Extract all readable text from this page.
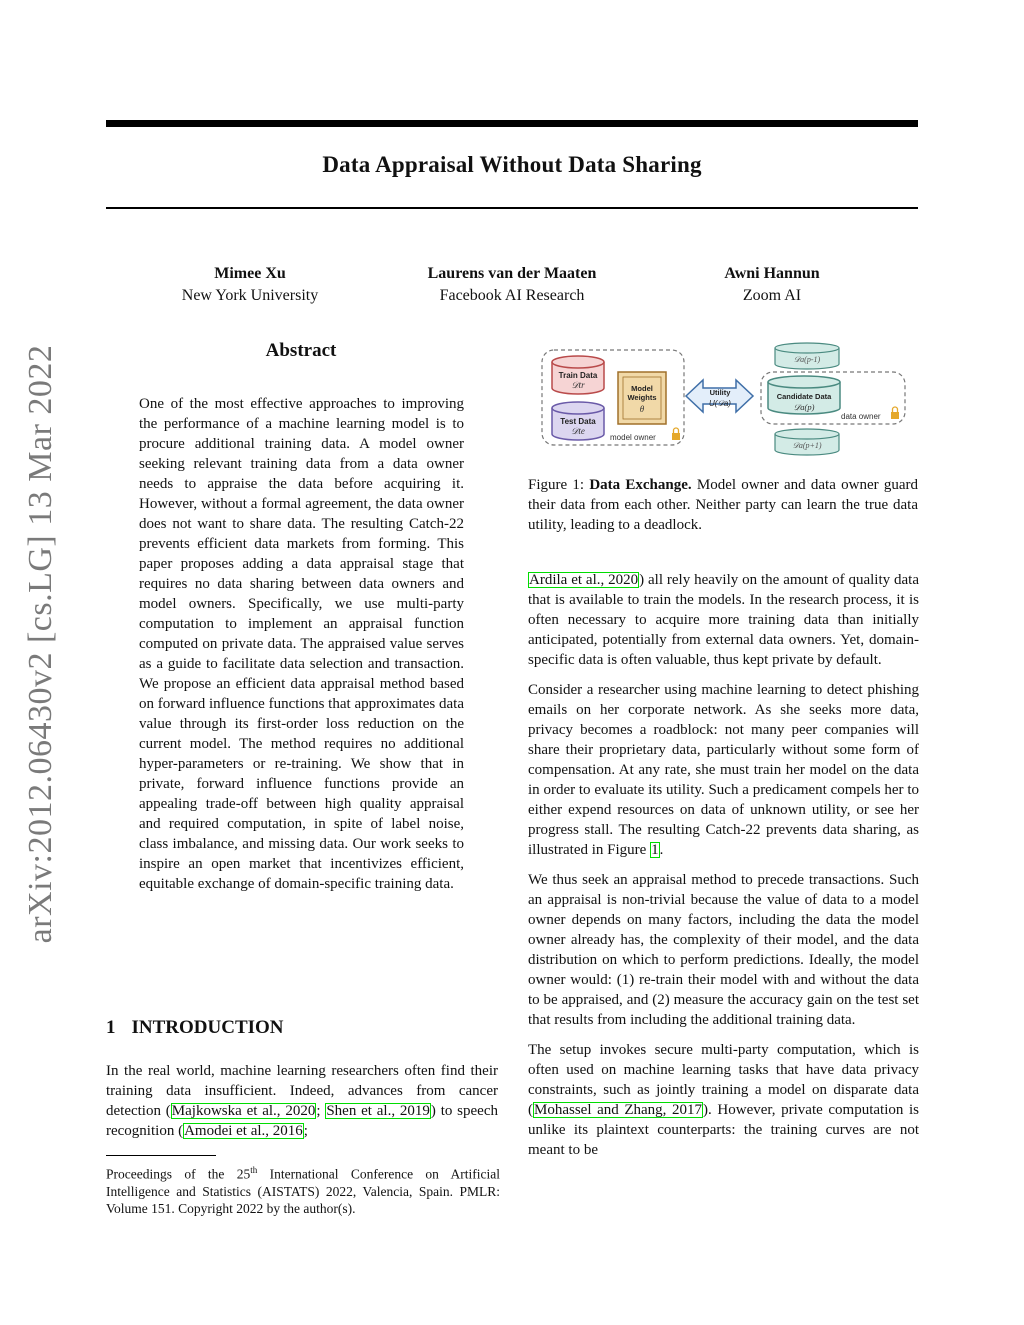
Data Appraisal Without Data Sharing
Mimee Xu
New York University
Laurens van der Maaten
Facebook AI Research
Awni Hannun
Zoom AI
arXiv:2012.06430v2 [cs.LG] 13 Mar 2022	Abstract
One of the most effective approaches to improving the performance of a machine learning model is to procure additional training data. A model owner seeking relevant training data from a data owner needs to appraise the data before acquiring it. However, without a formal agreement, the data owner does not want to share data. The resulting Catch-22 prevents efficient data markets from forming. This paper proposes adding a data appraisal stage that requires no data sharing between data owners and model owners. Specifically, we use multi-party computation to implement an appraisal function computed on private data. The appraised value serves as a guide to facilitate data selection and transaction. We propose an efficient data appraisal method based on forward influence functions that approximates data value through its first-order loss reduction on the current model. The method requires no additional hyper-parameters or re-training. We show that in private, forward influence functions provide an appealing trade-off between high quality appraisal and required computation, in spite of label noise, class imbalance, and missing data. Our work seeks to inspire an open market that incentivizes efficient, equitable exchange of domain-specific training data.
1 INTRODUCTION

In the real world, machine learning researchers often find their training data insufficient. Indeed, advances from cancer detection (Majkowska et al., 2020; Shen et al., 2019) to speech recognition (Amodei et al., 2016;

Proceedings of the 25th International Conference on Artificial Intelligence and Statistics (AISTATS) 2022, Valencia, Spain. PMLR: Volume 151. Copyright 2022 by the author(s).
Train Data
𝒟tr
Test Data
𝒟te
Model
Weights
θ
model owner
Utility
U(𝒟a)
𝒟a(p-1)
Candidate Data
𝒟a(p)
data owner
𝒟a(p+1)
Figure 1: Data Exchange. Model owner and data owner guard their data from each other. Neither party can learn the true data utility, leading to a deadlock.

Ardila et al., 2020) all rely heavily on the amount of quality data that is available to train the models. In the research process, it is often necessary to acquire more training data than initially anticipated, potentially from external data owners. Yet, domain-specific data is often valuable, thus kept private by default.

Consider a researcher using machine learning to detect phishing emails on her corporate network. As she seeks more data, privacy becomes a roadblock: not many peer companies will share their proprietary data, particularly without some form of compensation. At any rate, she must train her model on the data in order to evaluate its utility. Such a predicament compels her to either expend resources on data of unknown utility, or see her progress stall. The resulting Catch-22 prevents data sharing, as illustrated in Figure 1.

We thus seek an appraisal method to precede transactions. Such an appraisal is non-trivial because the value of data to a model owner depends on many factors, including the data the model owner already has, the complexity of their model, and the data distribution on which to perform predictions. Ideally, the model owner would: (1) re-train their model with and without the data to be appraised, and (2) measure the accuracy gain on the test set that results from including the additional training data.

The setup invokes secure multi-party computation, which is often used on machine learning tasks that have data privacy constraints, such as jointly training a model on disparate data (Mohassel and Zhang, 2017). However, private computation is unlike its plaintext counterparts: the training curves are not meant to be
